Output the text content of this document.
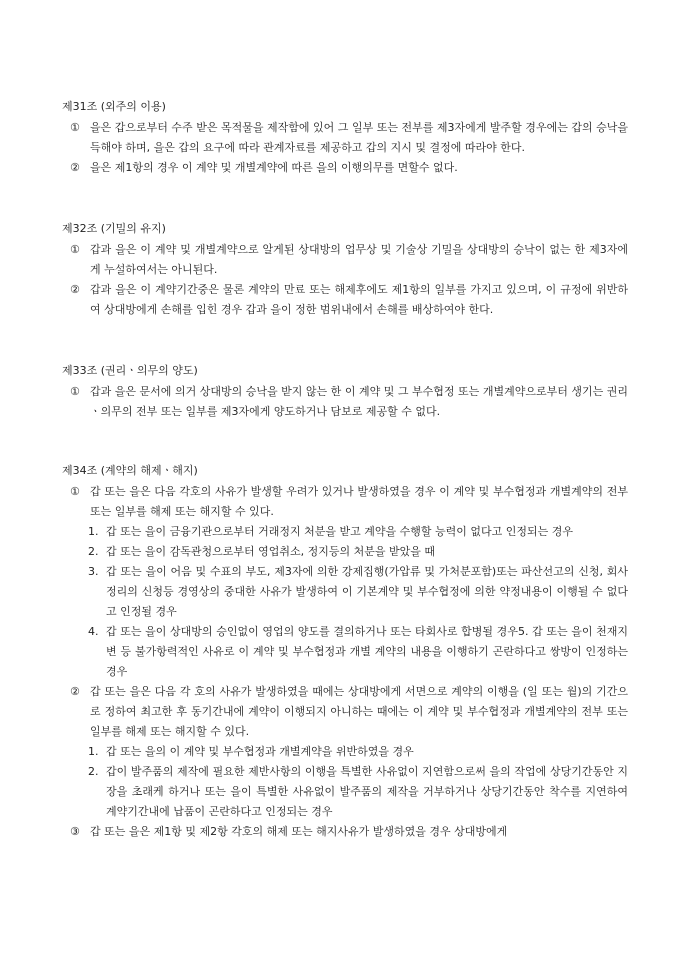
제31조 (외주의 이용)
① 을은 갑으로부터 수주 받은 목적물을 제작함에 있어 그 일부 또는 전부를 제3자에게 발주할 경우에는 갑의 승낙을 득해야 하며, 을은 갑의 요구에 따라 관계자료를 제공하고 갑의 지시 및 결정에 따라야 한다.
② 을은 제1항의 경우 이 계약 및 개별계약에 따른 을의 이행의무를 면할수 없다.
제32조 (기밀의 유지)
① 갑과 을은 이 계약 및 개별계약으로 알게된 상대방의 업무상 및 기술상 기밀을 상대방의 승낙이 없는 한 제3자에게 누설하여서는 아니된다.
② 갑과 을은 이 계약기간중은 물론 계약의 만료 또는 해제후에도 제1항의 일부를 가지고 있으며, 이 규정에 위반하여 상대방에게 손해를 입힌 경우 갑과 을이 정한 범위내에서 손해를 배상하여야 한다.
제33조 (권리ㆍ의무의 양도)
① 갑과 을은 문서에 의거 상대방의 승낙을 받지 않는 한 이 계약 및 그 부수협정 또는 개별계약으로부터 생기는 권리ㆍ의무의 전부 또는 일부를 제3자에게 양도하거나 담보로 제공할 수 없다.
제34조 (계약의 해제ㆍ해지)
① 갑 또는 을은 다음 각호의 사유가 발생할 우려가 있거나 발생하였을 경우 이 계약 및 부수협정과 개별계약의 전부 또는 일부를 해제 또는 해지할 수 있다.
1. 갑 또는 을이 금융기관으로부터 거래정지 처분을 받고 계약을 수행할 능력이 없다고 인정되는 경우
2. 갑 또는 을이 감독관청으로부터 영업취소, 정지등의 처분을 받았을 때
3. 갑 또는 을이 어음 및 수표의 부도, 제3자에 의한 강제집행(가압류 및 가처분포함)또는 파산선고의 신청, 회사정리의 신청등 경영상의 중대한 사유가 발생하여 이 기본계약 및 부수협정에 의한 약정내용이 이행될 수 없다고 인정될 경우
4. 갑 또는 을이 상대방의 승인없이 영업의 양도를 결의하거나 또는 타회사로 합병될 경우5. 갑 또는 을이 천재지변 등 불가항력적인 사유로 이 계약 및 부수협정과 개별 계약의 내용을 이행하기 곤란하다고 쌍방이 인정하는 경우
② 갑 또는 을은 다음 각 호의 사유가 발생하였을 때에는 상대방에게 서면으로 계약의 이행을 (일 또는 월)의 기간으로 정하여 최고한 후 동기간내에 계약이 이행되지 아니하는 때에는 이 계약 및 부수협정과 개별계약의 전부 또는 일부를 해제 또는 해지할 수 있다.
1. 갑 또는 을의 이 계약 및 부수협정과 개별계약을 위반하였을 경우
2. 갑이 발주품의 제작에 필요한 제반사항의 이행을 특별한 사유없이 지연함으로써 을의 작업에 상당기간동안 지장을 초래케 하거나 또는 을이 특별한 사유없이 발주품의 제작을 거부하거나 상당기간동안 착수를 지연하여 계약기간내에 납품이 곤란하다고 인정되는 경우
③ 갑 또는 을은 제1항 및 제2항 각호의 해제 또는 해지사유가 발생하였을 경우 상대방에게
